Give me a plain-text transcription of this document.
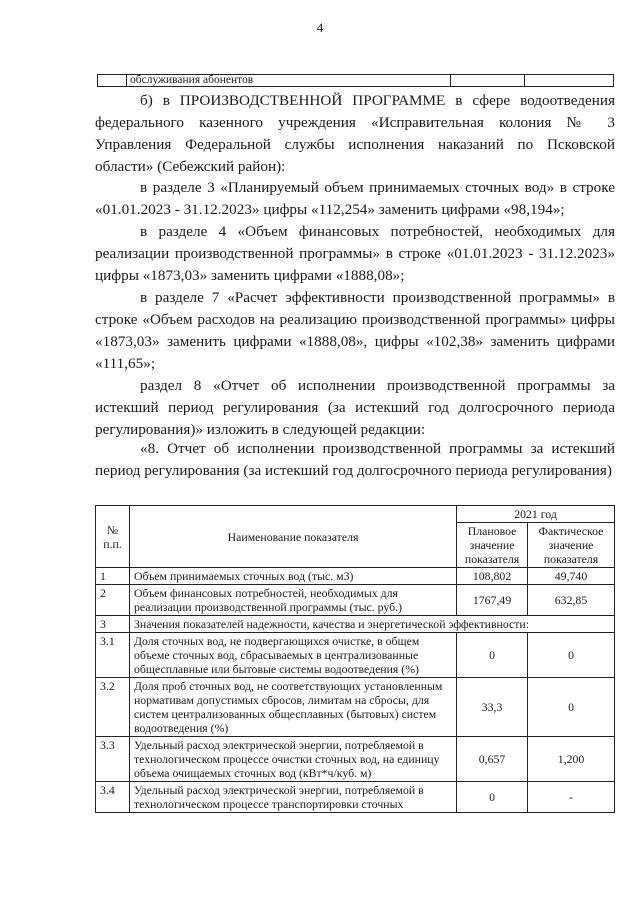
4
	обслуживания абонентов		

б) в ПРОИЗВОДСТВЕННОЙ ПРОГРАММЕ в сфере водоотведения федерального казенного учреждения «Исправительная колония № 3 Управления Федеральной службы исполнения наказаний по Псковской области» (Себежский район):

в разделе 3 «Планируемый объем принимаемых сточных вод» в строке «01.01.2023 - 31.12.2023» цифры «112,254» заменить цифрами «98,194»;

в разделе 4 «Объем финансовых потребностей, необходимых для реализации производственной программы» в строке «01.01.2023 - 31.12.2023» цифры «1873,03» заменить цифрами «1888,08»;

в разделе 7 «Расчет эффективности производственной программы» в строке «Объем расходов на реализацию производственной программы» цифры «1873,03» заменить цифрами «1888,08», цифры «102,38» заменить цифрами «111,65»;

раздел 8 «Отчет об исполнении производственной программы за истекший период регулирования (за истекший год долгосрочного периода регулирования)» изложить в следующей редакции:

«8. Отчет об исполнении производственной программы за истекший период регулирования (за истекший год долгосрочного периода регулирования)

№ п.п.	Наименование показателя	2021 год	
		Плановое значение показателя	Фактическое значение показателя
1	Объем принимаемых сточных вод (тыс. м3)	108,802	49,740
2	Объем финансовых потребностей, необходимых для реализации производственной программы (тыс. руб.)	1767,49	632,85
3	Значения показателей надежности, качества и энергетической эффективности:		
3.1	Доля сточных вод, не подвергающихся очистке, в общем объеме сточных вод, сбрасываемых в централизованные общесплавные или бытовые системы водоотведения (%)	0	0
3.2	Доля проб сточных вод, не соответствующих установленным нормативам допустимых сбросов, лимитам на сбросы, для систем централизованных общесплавных (бытовых) систем водоотведения (%)	33,3	0
3.3	Удельный расход электрической энергии, потребляемой в технологическом процессе очистки сточных вод, на единицу объема очищаемых сточных вод (кВт*ч/куб. м)	0,657	1,200
3.4	Удельный расход электрической энергии, потребляемой в технологическом процессе транспортировки сточных	0	-
